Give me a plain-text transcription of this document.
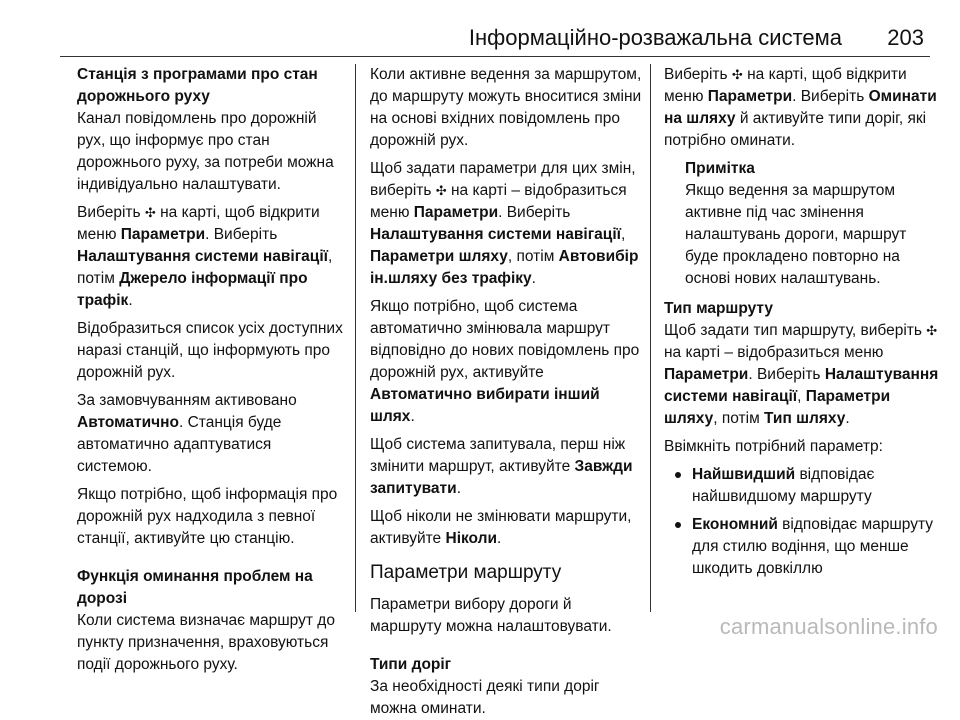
Інформаційно-розважальна система 203

Станція з програмами про стан дорожнього руху

Канал повідомлень про дорожній рух, що інформує про стан дорожнього руху, за потреби можна індивідуально налаштувати.

Виберіть ✣ на карті, щоб відкрити меню Параметри. Виберіть Налаштування системи навігації, потім Джерело інформації про трафік.

Відобразиться список усіх доступних наразі станцій, що інформують про дорожній рух.

За замовчуванням активовано Автоматично. Станція буде автоматично адаптуватися системою.

Якщо потрібно, щоб інформація про дорожній рух надходила з певної станції, активуйте цю станцію.

Функція оминання проблем на дорозі

Коли система визначає маршрут до пункту призначення, враховуються події дорожнього руху.

Коли активне ведення за маршрутом, до маршруту можуть вноситися зміни на основі вхідних повідомлень про дорожній рух.

Щоб задати параметри для цих змін, виберіть ✣ на карті – відобразиться меню Параметри. Виберіть Налаштування системи навігації, Параметри шляху, потім Автовибір ін.шляху без трафіку.

Якщо потрібно, щоб система автоматично змінювала маршрут відповідно до нових повідомлень про дорожній рух, активуйте Автоматично вибирати інший шлях.

Щоб система запитувала, перш ніж змінити маршрут, активуйте Завжди запитувати.

Щоб ніколи не змінювати маршрути, активуйте Ніколи.

Параметри маршруту

Параметри вибору дороги й маршруту можна налаштовувати.

Типи доріг

За необхідності деякі типи доріг можна оминати.

Виберіть ✣ на карті, щоб відкрити меню Параметри. Виберіть Оминати на шляху й активуйте типи доріг, які потрібно оминати.

Примітка
Якщо ведення за маршрутом активне під час змінення налаштувань дороги, маршрут буде прокладено повторно на основі нових налаштувань.

Тип маршруту

Щоб задати тип маршруту, виберіть ✣ на карті – відобразиться меню Параметри. Виберіть Налаштування системи навігації, Параметри шляху, потім Тип шляху.

Ввімкніть потрібний параметр:

Найшвидший відповідає найшвидшому маршруту
Економний відповідає маршруту для стилю водіння, що менше шкодить довкіллю
carmanualsonline.info
